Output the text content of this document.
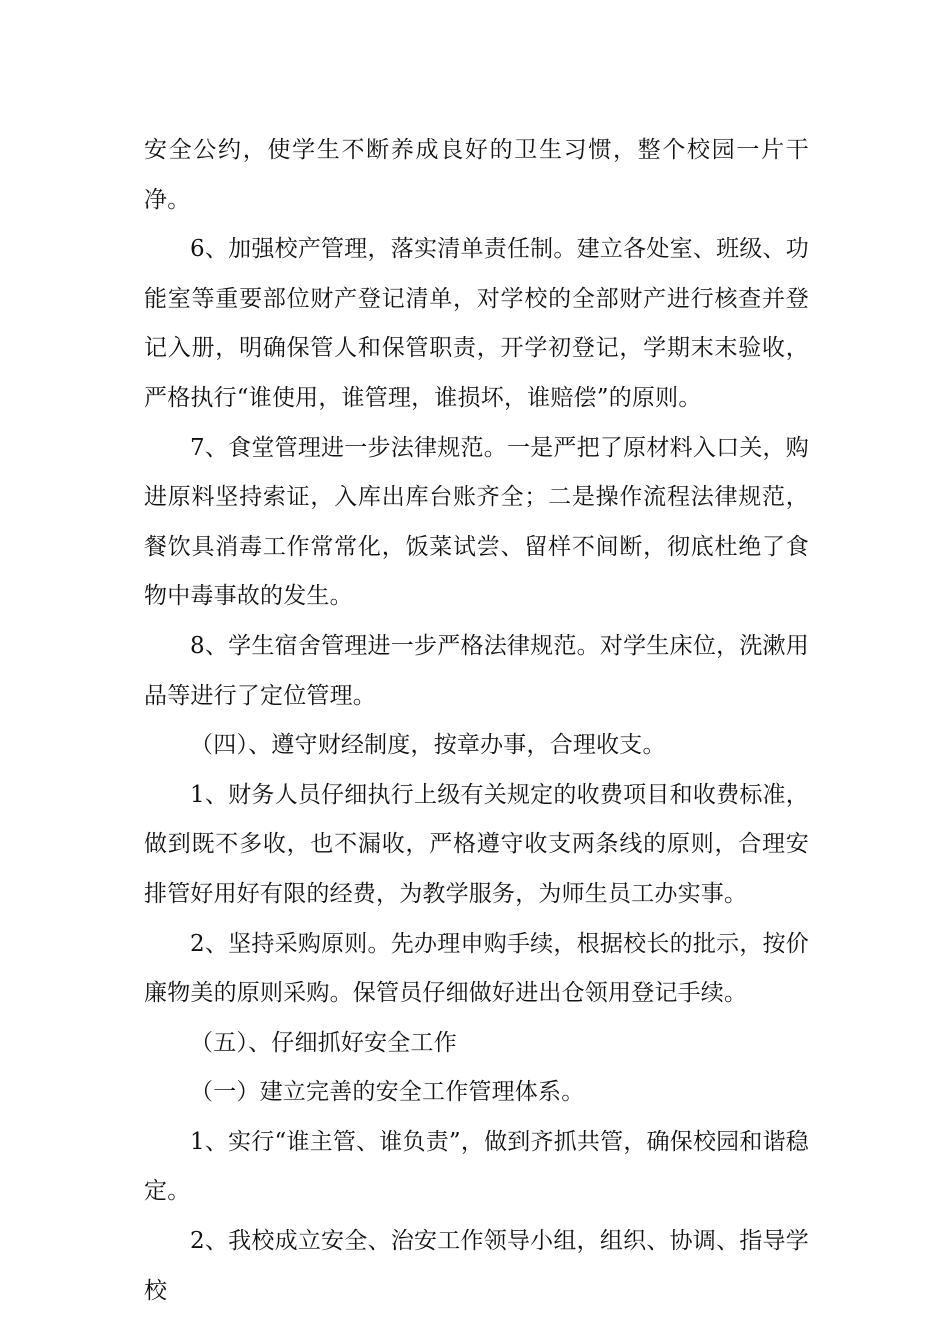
安全公约，使学生不断养成良好的卫生习惯，整个校园一片干净。

6、加强校产管理，落实清单责任制。建立各处室、班级、功能室等重要部位财产登记清单，对学校的全部财产进行核查并登记入册，明确保管人和保管职责，开学初登记，学期末末验收，严格执行“谁使用，谁管理，谁损坏，谁赔偿”的原则。

7、食堂管理进一步法律规范。一是严把了原材料入口关，购进原料坚持索证，入库出库台账齐全；二是操作流程法律规范，餐饮具消毒工作常常化，饭菜试尝、留样不间断，彻底杜绝了食物中毒事故的发生。

8、学生宿舍管理进一步严格法律规范。对学生床位，洗漱用品等进行了定位管理。

（四）、遵守财经制度，按章办事，合理收支。

1、财务人员仔细执行上级有关规定的收费项目和收费标准，做到既不多收，也不漏收，严格遵守收支两条线的原则，合理安排管好用好有限的经费，为教学服务，为师生员工办实事。

2、坚持采购原则。先办理申购手续，根据校长的批示，按价廉物美的原则采购。保管员仔细做好进出仓领用登记手续。

（五）、仔细抓好安全工作

（一）建立完善的安全工作管理体系。

1、实行“谁主管、谁负责”，做到齐抓共管，确保校园和谐稳定。

2、我校成立安全、治安工作领导小组，组织、协调、指导学校
